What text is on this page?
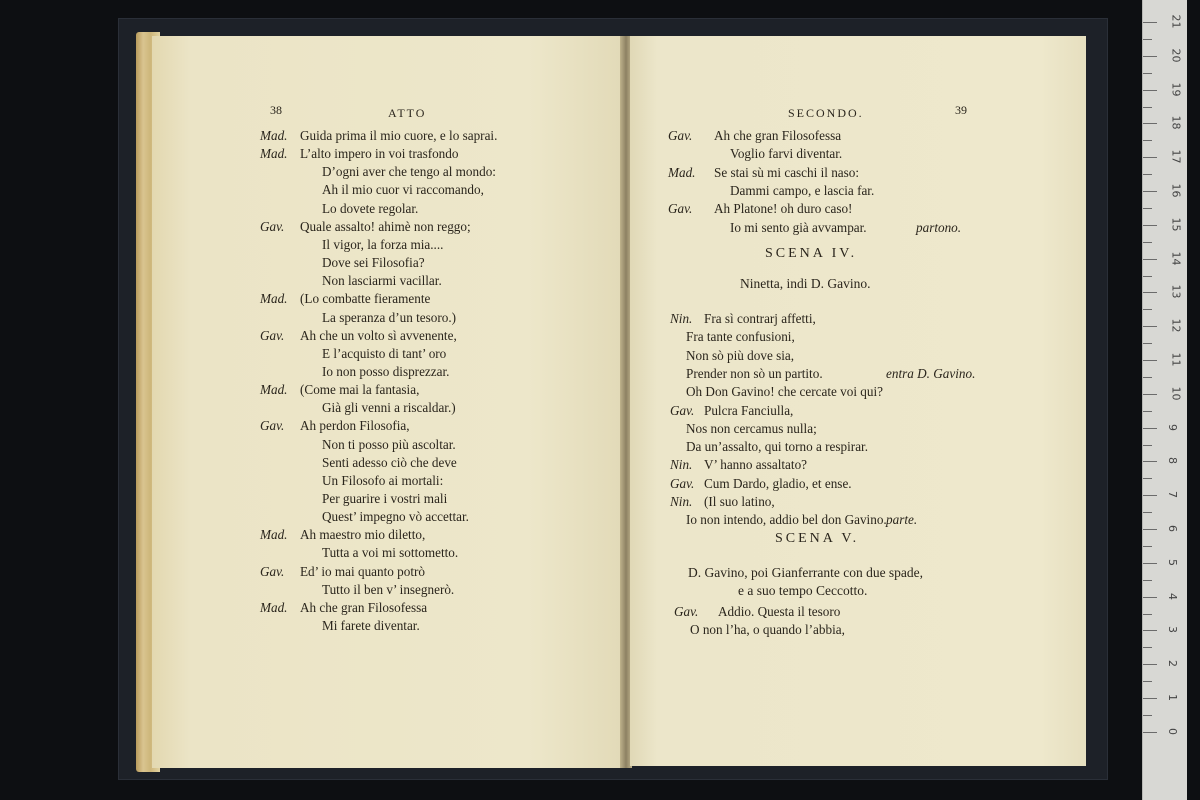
38	ATTO
Mad. Guida prima il mio cuore, e lo saprai.
Mad. L’alto impero in voi trasfondo
D’ogni aver che tengo al mondo:
Ah il mio cuor vi raccomando,
Lo dovete regolar.
Gav. Quale assalto! ahimè non reggo;
Il vigor, la forza mia....
Dove sei Filosofia?
Non lasciarmi vacillar.
Mad. (Lo combatte fieramente
La speranza d’un tesoro.)
Gav. Ah che un volto sì avvenente,
E l’acquisto di tant’ oro
Io non posso disprezzar.
Mad. (Come mai la fantasia,
Già gli venni a riscaldar.)
Gav. Ah perdon Filosofia,
Non ti posso più ascoltar.
Senti adesso ciò che deve
Un Filosofo ai mortali:
Per guarire i vostri mali
Quest’ impegno vò accettar.
Mad. Ah maestro mio diletto,
Tutta a voi mi sottometto.
Gav. Ed’ io mai quanto potrò
Tutto il ben v’ insegnerò.
Mad. Ah che gran Filosofessa
Mi farete diventar.
SECONDO.	39
Gav. Ah che gran Filosofessa
Voglio farvi diventar.
Mad. Se stai sù mi caschi il naso:
Dammi campo, e lascia far.
Gav. Ah Platone! oh duro caso!
Io mi sento già avvampar.	partono.
SCENA IV.
Ninetta, indi D. Gavino.
Nin. Fra sì contrarj affetti,
Fra tante confusioni,
Non sò più dove sia,
Prender non sò un partito.	entra D. Gavino.
Oh Don Gavino! che cercate voi qui?
Gav. Pulcra Fanciulla,
Nos non cercamus nulla;
Da un’assalto, qui torno a respirar.
Nin. V’ hanno assaltato?
Gav. Cum Dardo, gladio, et ense.
Nin. (Il suo latino,
Io non intendo, addio bel don Gavino. parte.
SCENA V.
D. Gavino, poi Gianferrante con due spade,
e a suo tempo Ceccotto.
Gav. Addio. Questa il tesoro
O non l’ha, o quando l’abbia,
21
20
19
18
17
16
15
14
13
12
11
10
9
8
7
6
5
4
3
2
1
0
